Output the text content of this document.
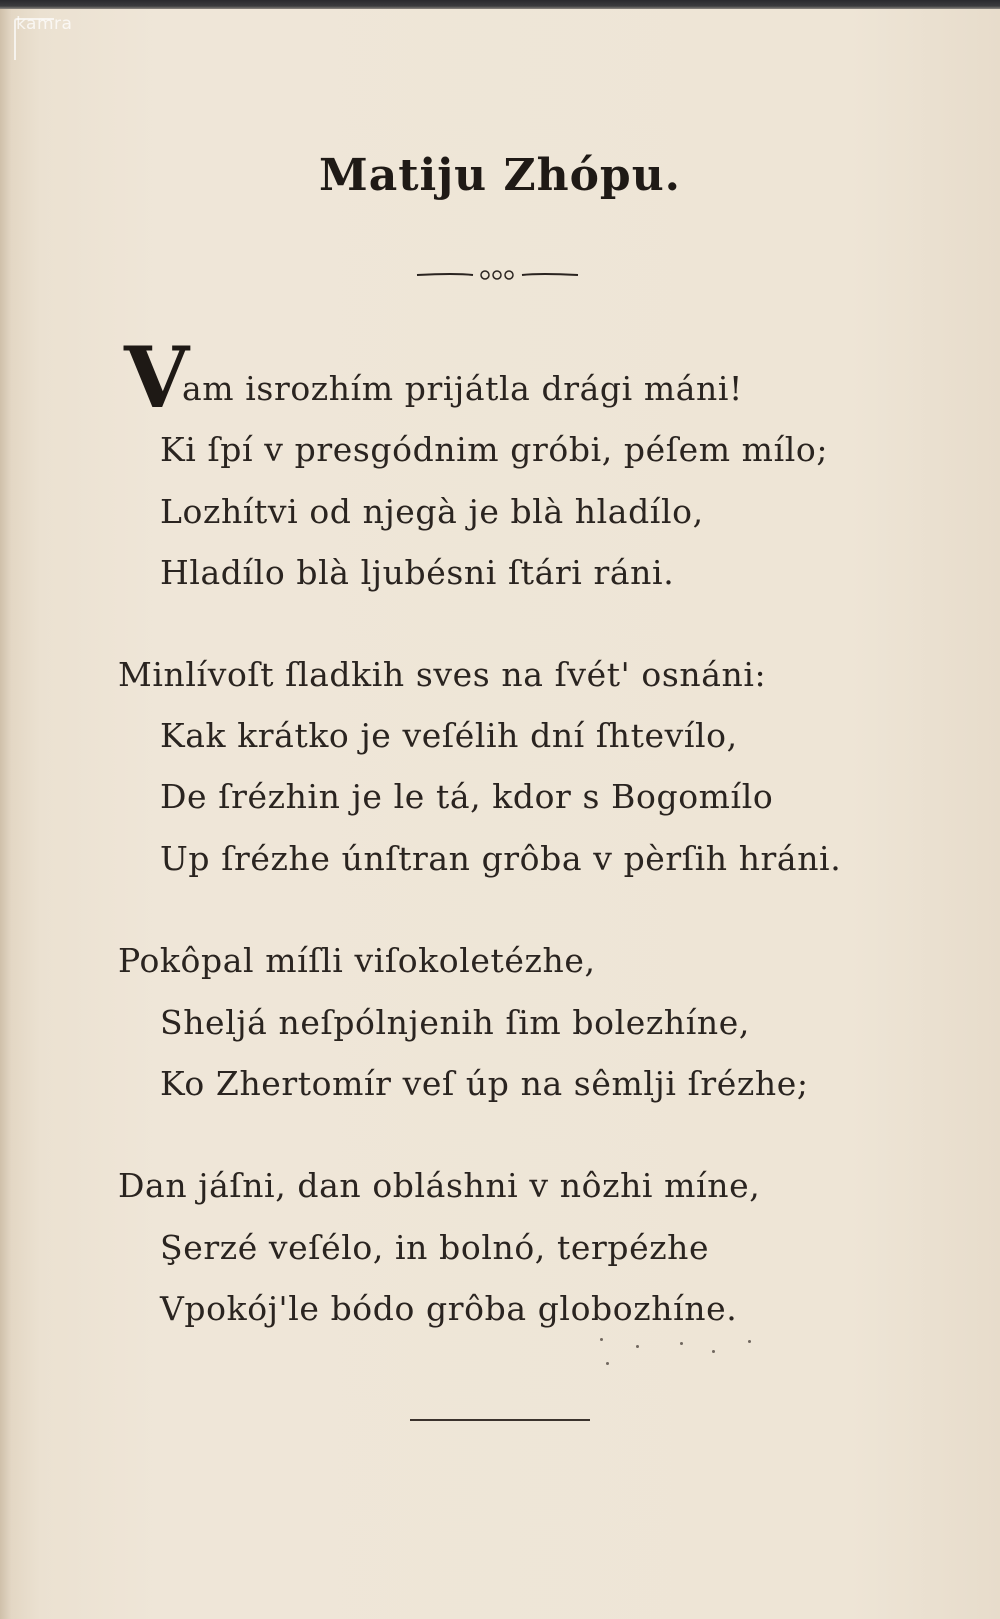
kamra
Matiju Zhópu.
V
am isrozhím prijátla drági máni!
Ki ſpí v presgódnim gróbi, péſem mílo;
Lozhítvi od njegà je blà hladílo,
Hladílo blà ljubésni ſtári ráni.
Minlívoſt ſladkih sves na ſvét' osnáni:
Kak krátko je veſélih dní ſhtevílo,
De ſrézhin je le tá, kdor s Bogomílo
Up ſrézhe únſtran grôba v pèrſih hráni.
Pokôpal míſli viſokoletézhe,
Sheljá neſpólnjenih ſim bolezhíne,
Ko Zhertomír veſ úp na sêmlji ſrézhe;
Dan jáſni, dan obláshni v nôzhi míne,
Şerzé veſélo, in bolnó, terpézhe
Vpokój'le bódo grôba globozhíne.
